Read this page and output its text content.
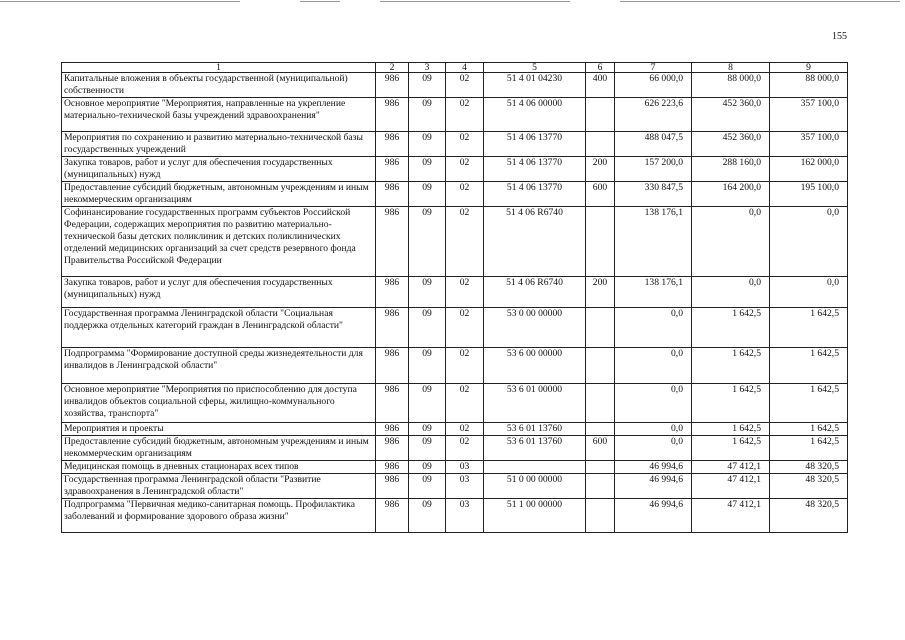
155
1	2	3	4	5	6	7	8	9
Капитальные вложения в объекты государственной (муниципальной) собственности	986	09	02	51 4 01 04230	400	66 000,0	88 000,0	88 000,0
Основное мероприятие "Мероприятия, направленные на укрепление материально-технической базы учреждений здравоохранения"	986	09	02	51 4 06 00000		626 223,6	452 360,0	357 100,0
Мероприятия по сохранению и развитию материально-технической базы государственных учреждений	986	09	02	51 4 06 13770		488 047,5	452 360,0	357 100,0
Закупка товаров, работ и услуг для обеспечения государственных (муниципальных) нужд	986	09	02	51 4 06 13770	200	157 200,0	288 160,0	162 000,0
Предоставление субсидий бюджетным, автономным учреждениям и иным некоммерческим организациям	986	09	02	51 4 06 13770	600	330 847,5	164 200,0	195 100,0
Софинансирование государственных программ субъектов Российской Федерации, содержащих мероприятия по развитию материально-технической базы детских поликлиник и детских поликлинических отделений медицинских организаций за счет средств резервного фонда Правительства Российской Федерации	986	09	02	51 4 06 R6740		138 176,1	0,0	0,0
Закупка товаров, работ и услуг для обеспечения государственных (муниципальных) нужд	986	09	02	51 4 06 R6740	200	138 176,1	0,0	0,0
Государственная программа Ленинградской области "Социальная поддержка отдельных категорий граждан в Ленинградской области"	986	09	02	53 0 00 00000		0,0	1 642,5	1 642,5
Подпрограмма "Формирование доступной среды жизнедеятельности для инвалидов в Ленинградской области"	986	09	02	53 6 00 00000		0,0	1 642,5	1 642,5
Основное мероприятие "Мероприятия по приспособлению для доступа инвалидов объектов социальной сферы, жилищно-коммунального хозяйства, транспорта"	986	09	02	53 6 01 00000		0,0	1 642,5	1 642,5
Мероприятия и проекты	986	09	02	53 6 01 13760		0,0	1 642,5	1 642,5
Предоставление субсидий бюджетным, автономным учреждениям и иным некоммерческим организациям	986	09	02	53 6 01 13760	600	0,0	1 642,5	1 642,5
Медицинская помощь в дневных стационарах всех типов	986	09	03			46 994,6	47 412,1	48 320,5
Государственная программа Ленинградской области "Развитие здравоохранения в Ленинградской области"	986	09	03	51 0 00 00000		46 994,6	47 412,1	48 320,5
Подпрограмма "Первичная медико-санитарная помощь. Профилактика заболеваний и формирование здорового образа жизни"	986	09	03	51 1 00 00000		46 994,6	47 412,1	48 320,5
